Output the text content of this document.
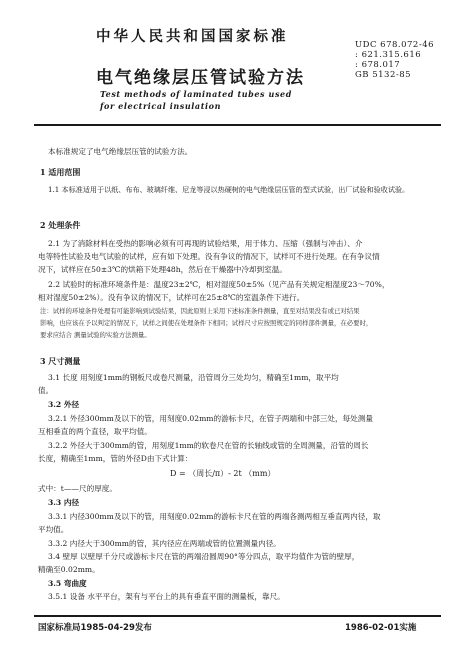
中华人民共和国国家标准	UDC 678.072-46
: 621.315.616
: 678.017
GB 5132-85
电气绝缘层压管试验方法
Test methods of laminated tubes used
for electrical insulation
本标准规定了电气绝缘层压管的试验方法。
1 适用范围
1.1 本标准适用于以纸、布布、玻璃纤维、尼龙等浸以热硬树的电气绝缘层压管的型式试验，出厂试验和验收试验。
2 处理条件
2.1 为了消除材料在受热的影响必须有可再现的试验结果，用于体力、压缩（强制与冲击）、介
电等特性试验及电气试验的试样，应有如下处理。没有争议的情况下，试样可不进行处理。在有争议情
况下，试样应在50±3℃的烘箱下处理48h，然后在干燥器中冷却到室温。
2.2 试验时的标准环境条件是：温度23±2℃，相对湿度50±5%（见产品有关规定相湿度23～70%，
相对湿度50±2%）。没有争议的情况下，试样可在25±8℃的室温条件下进行。
注：试样的环境条件处理有可能影响到试验结果，因此原则上采用下述标准条件测量，直至对结果没有或已对结果
影响，也应该在予以判定的情况下，试样之间使在处理条件下相同；试样尺寸应按照规定的同样部件测量，在必要时，
要求应结合 测量试验的实验方法测量。
3 尺寸测量
3.1 长度 用刻度1mm的钢板尺或卷尺测量，沿管周分三处均匀，精确至1mm，取平均
值。
3.2 外径
3.2.1 外径300mm及以下的管，用刻度0.02mm的游标卡尺，在管子两端和中部三处，每处测量
互相垂直的两个直径，取平均值。
3.2.2 外径大于300mm的管，用刻度1mm的软卷尺在管的长轴线或管的全周测量，沿管的周长
长度，精确至1mm，管的外径D由下式计算：
D = （周长/π）- 2t （mm）
式中：t——尺的厚度。
3.3 内径
3.3.1 内径300mm及以下的管，用刻度0.02mm的游标卡尺在管的两端各测两相互垂直两内径，取
平均值。
3.3.2 内径大于300mm的管，其内径应在两端或管的位置测量内径。
3.4 壁厚 以壁厚千分尺或游标卡尺在管的两端沿圆周90°等分四点，取平均值作为管的壁厚，
精确至0.02mm。
3.5 弯曲度
3.5.1 设备 水平平台，架有与平台上的具有垂直平面的测量板，靠尺。
国家标准局1985-04-29发布	1986-02-01实施
